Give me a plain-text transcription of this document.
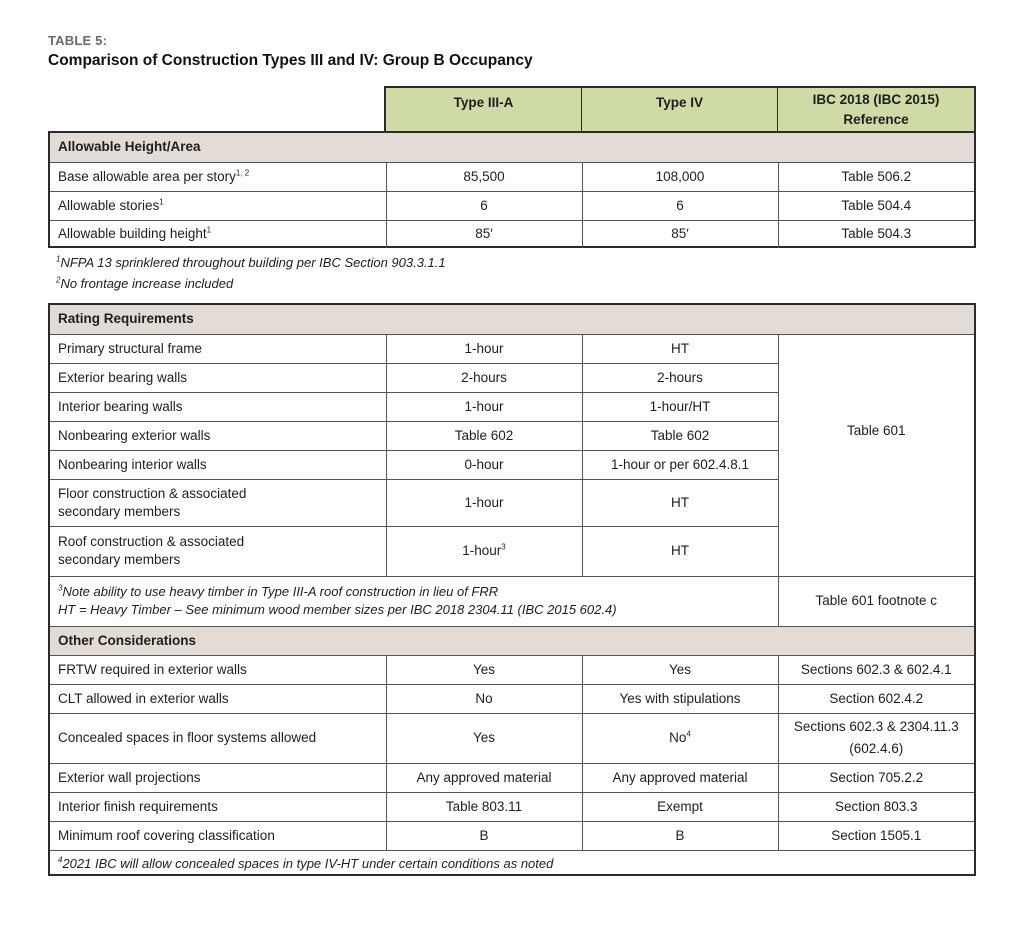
TABLE 5:
Comparison of Construction Types III and IV: Group B Occupancy
Type III-A	Type IV	IBC 2018 (IBC 2015)
Reference
Allowable Height/Area			
Base allowable area per story$^{1, 2}$	85,500	108,000	Table 506.2
Allowable stories$^1$	6	6	Table 504.4
Allowable building height$^1$	85′	85′	Table 504.3
$^1$NFPA 13 sprinklered throughout building per IBC Section 903.3.1.1
$^2$No frontage increase included
Rating Requirements			
Primary structural frame	1-hour	HT	Table 601
Exterior bearing walls	2-hours	2-hours	
Interior bearing walls	1-hour	1-hour/HT	
Nonbearing exterior walls	Table 602	Table 602	
Nonbearing interior walls	0-hour	1-hour or per 602.4.8.1	
Floor construction & associated
secondary members	1-hour	HT	
Roof construction & associated
secondary members	1-hour$^3$	HT	
$^3$Note ability to use heavy timber in Type III-A roof construction in lieu of FRR
HT = Heavy Timber – See minimum wood member sizes per IBC 2018 2304.11 (IBC 2015 602.4)			Table 601 footnote c
Other Considerations			
FRTW required in exterior walls	Yes	Yes	Sections 602.3 & 602.4.1
CLT allowed in exterior walls	No	Yes with stipulations	Section 602.4.2
Concealed spaces in floor systems allowed	Yes	No$^4$	Sections 602.3 & 2304.11.3
(602.4.6)
Exterior wall projections	Any approved material	Any approved material	Section 705.2.2
Interior finish requirements	Table 803.11	Exempt	Section 803.3
Minimum roof covering classification	B	B	Section 1505.1
$^4$2021 IBC will allow concealed spaces in type IV-HT under certain conditions as noted			
